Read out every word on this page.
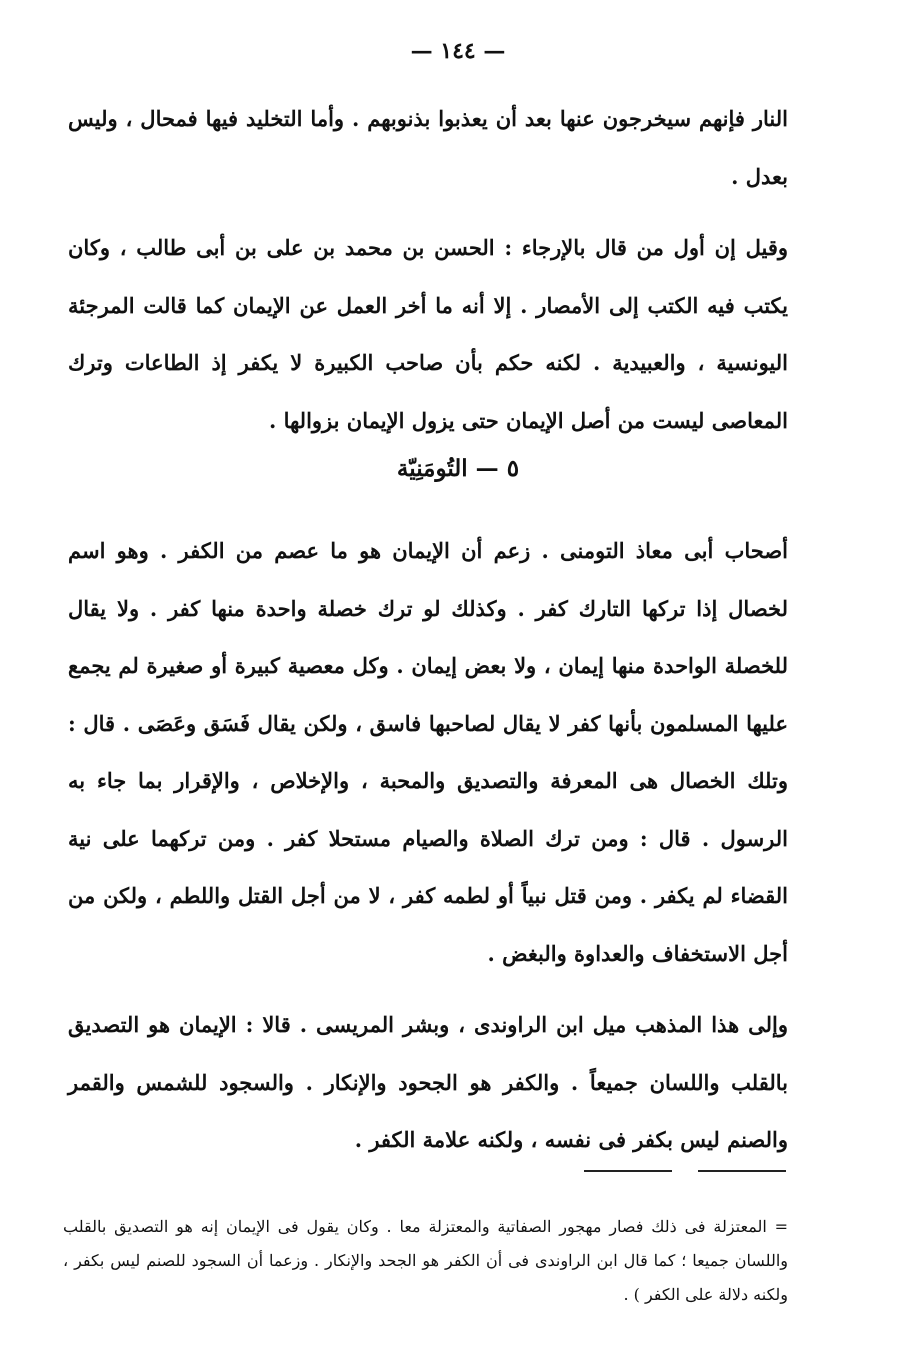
— ١٤٤ —

النار فإنهم سيخرجون عنها بعد أن يعذبوا بذنوبهم . وأما التخليد فيها فمحال ، وليس بعدل .

وقيل إن أول من قال بالإرجاء : الحسن بن محمد بن على بن أبى طالب ، وكان يكتب فيه الكتب إلى الأمصار . إلا أنه ما أخر العمل عن الإيمان كما قالت المرجئة اليونسية ، والعبيدية . لكنه حكم بأن صاحب الكبيرة لا يكفر إذ الطاعات وترك المعاصى ليست من أصل الإيمان حتى يزول الإيمان بزوالها .

٥ — التُومَنِيّة

أصحاب أبى معاذ التومنى . زعم أن الإيمان هو ما عصم من الكفر . وهو اسم لخصال إذا تركها التارك كفر . وكذلك لو ترك خصلة واحدة منها كفر . ولا يقال للخصلة الواحدة منها إيمان ، ولا بعض إيمان . وكل معصية كبيرة أو صغيرة لم يجمع عليها المسلمون بأنها كفر لا يقال لصاحبها فاسق ، ولكن يقال فَسَق وعَصَى . قال : وتلك الخصال هى المعرفة والتصديق والمحبة ، والإخلاص ، والإقرار بما جاء به الرسول . قال : ومن ترك الصلاة والصيام مستحلا كفر . ومن تركهما على نية القضاء لم يكفر . ومن قتل نبياً أو لطمه كفر ، لا من أجل القتل واللطم ، ولكن من أجل الاستخفاف والعداوة والبغض .

وإلى هذا المذهب ميل ابن الراوندى ، وبشر المريسى . قالا : الإيمان هو التصديق بالقلب واللسان جميعاً . والكفر هو الجحود والإنكار . والسجود للشمس والقمر والصنم ليس بكفر فى نفسه ، ولكنه علامة الكفر .

= المعتزلة فى ذلك فصار مهجور الصفاتية والمعتزلة معا . وكان يقول فى الإيمان إنه هو التصديق بالقلب واللسان جميعا ؛ كما قال ابن الراوندى فى أن الكفر هو الجحد والإنكار . وزعما أن السجود للصنم ليس بكفر ، ولكنه دلالة على الكفر ) .
